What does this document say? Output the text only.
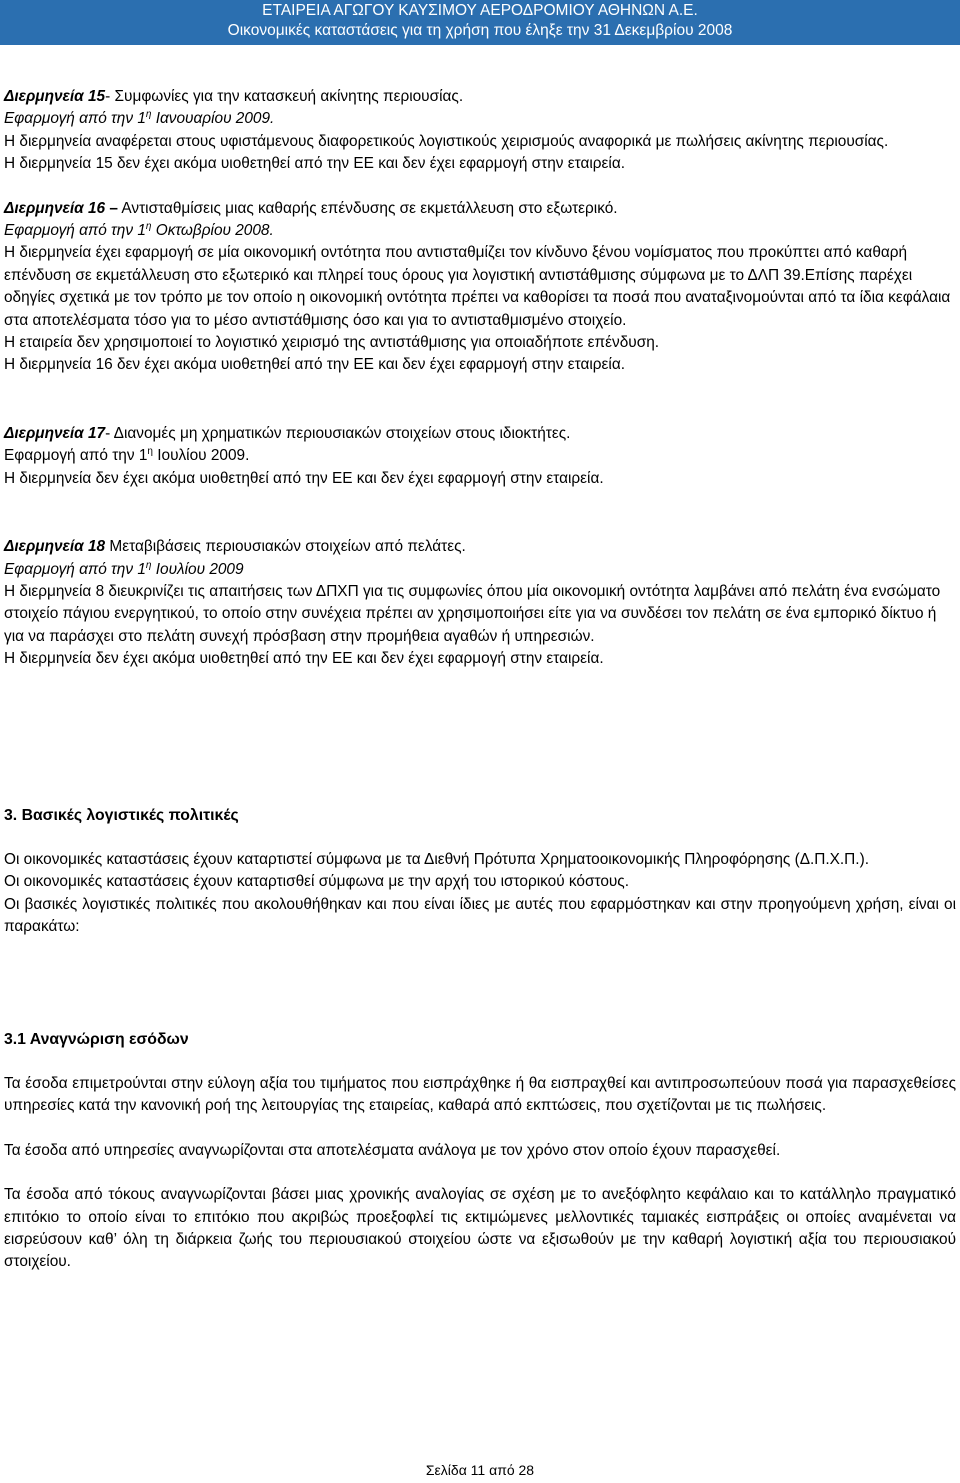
ΕΤΑΙΡΕΙΑ ΑΓΩΓΟΥ ΚΑΥΣΙΜΟΥ ΑΕΡΟΔΡΟΜΙΟΥ ΑΘΗΝΩΝ Α.Ε.
Οικονομικές καταστάσεις για τη χρήση που έληξε την 31 Δεκεμβρίου 2008

Διερμηνεία 15- Συμφωνίες για την κατασκευή ακίνητης περιουσίας.

Εφαρμογή από την $1^\eta$ Ιανουαρίου 2009.

Η διερμηνεία αναφέρεται στους υφιστάμενους διαφορετικούς λογιστικούς χειρισμούς αναφορικά με πωλήσεις ακίνητης περιουσίας.

Η διερμηνεία 15 δεν έχει ακόμα υιοθετηθεί από την ΕΕ και δεν έχει εφαρμογή στην εταιρεία.

Διερμηνεία 16 – Αντισταθμίσεις μιας καθαρής επένδυσης σε εκμετάλλευση στο εξωτερικό.

Εφαρμογή από την $1^\eta$ Οκτωβρίου 2008.

Η διερμηνεία έχει εφαρμογή σε μία οικονομική οντότητα που αντισταθμίζει τον κίνδυνο ξένου νομίσματος που προκύπτει από καθαρή επένδυση σε εκμετάλλευση στο εξωτερικό και πληρεί τους όρους για λογιστική αντιστάθμισης σύμφωνα με το ΔΛΠ 39.Επίσης παρέχει οδηγίες σχετικά με τον τρόπο με τον οποίο η οικονομική οντότητα πρέπει να καθορίσει τα ποσά που αναταξινομούνται από τα ίδια κεφάλαια στα αποτελέσματα τόσο για το μέσο αντιστάθμισης όσο και για το αντισταθμισμένο στοιχείο.

Η εταιρεία δεν χρησιμοποιεί το λογιστικό χειρισμό της αντιστάθμισης για οποιαδήποτε επένδυση.

Η διερμηνεία 16 δεν έχει ακόμα υιοθετηθεί από την ΕΕ και δεν έχει εφαρμογή στην εταιρεία.

Διερμηνεία 17- Διανομές μη χρηματικών περιουσιακών στοιχείων στους ιδιοκτήτες.

Εφαρμογή από την $1^\eta$ Ιουλίου 2009.

Η διερμηνεία δεν έχει ακόμα υιοθετηθεί από την ΕΕ και δεν έχει εφαρμογή στην εταιρεία.

Διερμηνεία 18 Μεταβιβάσεις περιουσιακών στοιχείων από πελάτες.

Εφαρμογή από την $1^\eta$ Ιουλίου 2009

Η διερμηνεία 8 διευκρινίζει τις απαιτήσεις των ΔΠΧΠ για τις συμφωνίες όπου μία οικονομική οντότητα λαμβάνει από πελάτη ένα ενσώματο στοιχείο πάγιου ενεργητικού, το οποίο στην συνέχεια πρέπει αν χρησιμοποιήσει είτε για να συνδέσει τον πελάτη σε ένα εμπορικό δίκτυο ή για να παράσχει στο πελάτη συνεχή πρόσβαση στην προμήθεια αγαθών ή υπηρεσιών.

Η διερμηνεία δεν έχει ακόμα υιοθετηθεί από την ΕΕ και δεν έχει εφαρμογή στην εταιρεία.

3. Βασικές λογιστικές πολιτικές

Οι οικονομικές καταστάσεις έχουν καταρτιστεί σύμφωνα με τα Διεθνή Πρότυπα Χρηματοοικονομικής Πληροφόρησης (Δ.Π.Χ.Π.).

Οι οικονομικές καταστάσεις έχουν καταρτισθεί σύμφωνα με την αρχή του ιστορικού κόστους.

Οι βασικές λογιστικές πολιτικές που ακολουθήθηκαν και που είναι ίδιες με αυτές που εφαρμόστηκαν και στην προηγούμενη χρήση, είναι οι παρακάτω:

3.1 Αναγνώριση εσόδων

Τα έσοδα επιμετρούνται στην εύλογη αξία του τιμήματος που εισπράχθηκε ή θα εισπραχθεί και αντιπροσωπεύουν ποσά για παρασχεθείσες υπηρεσίες κατά την κανονική ροή της λειτουργίας της εταιρείας, καθαρά από εκπτώσεις, που σχετίζονται με τις πωλήσεις.

Τα έσοδα από υπηρεσίες αναγνωρίζονται στα αποτελέσματα ανάλογα με τον χρόνο στον οποίο έχουν παρασχεθεί.

Τα έσοδα από τόκους αναγνωρίζονται βάσει μιας χρονικής αναλογίας σε σχέση με το ανεξόφλητο κεφάλαιο και το κατάλληλο πραγματικό επιτόκιο το οποίο είναι το επιτόκιο που ακριβώς προεξοφλεί τις εκτιμώμενες μελλοντικές ταμιακές εισπράξεις οι οποίες αναμένεται να εισρεύσουν καθ’ όλη τη διάρκεια ζωής του περιουσιακού στοιχείου ώστε να εξισωθούν με την καθαρή λογιστική αξία του περιουσιακού στοιχείου.

Σελίδα 11 από 28
